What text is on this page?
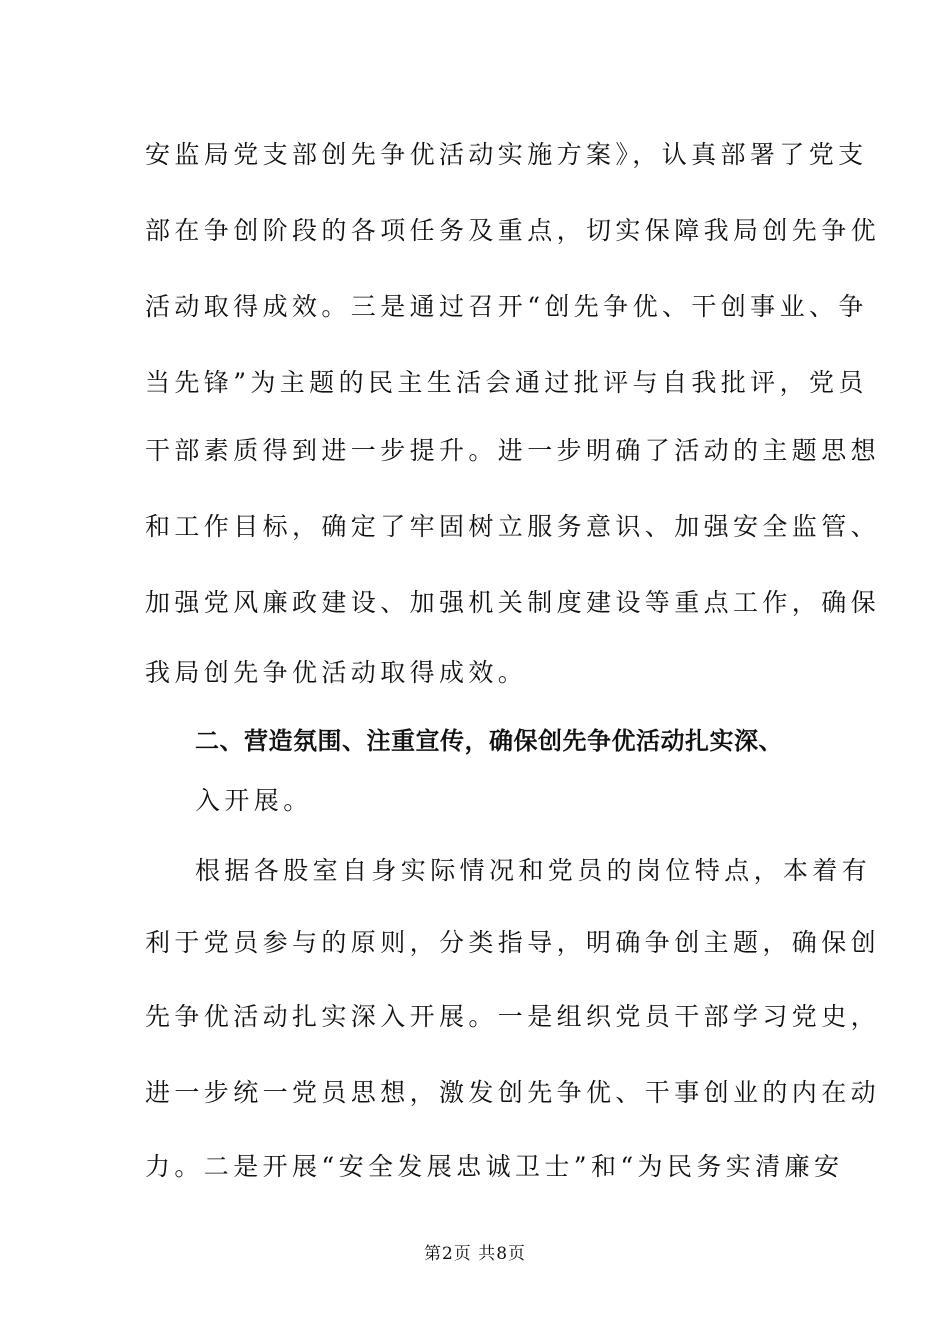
安监局党支部创先争优活动实施方案》，认真部署了党支
部在争创阶段的各项任务及重点，切实保障我局创先争优
活动取得成效。三是通过召开“创先争优、干创事业、争
当先锋”为主题的民主生活会通过批评与自我批评，党员
干部素质得到进一步提升。进一步明确了活动的主题思想
和工作目标，确定了牢固树立服务意识、加强安全监管、
加强党风廉政建设、加强机关制度建设等重点工作，确保
我局创先争优活动取得成效。
二、营造氛围、注重宣传，确保创先争优活动扎实深、
入开展。
根据各股室自身实际情况和党员的岗位特点，本着有
利于党员参与的原则，分类指导，明确争创主题，确保创
先争优活动扎实深入开展。一是组织党员干部学习党史，
进一步统一党员思想，激发创先争优、干事创业的内在动
力。二是开展“安全发展忠诚卫士”和“为民务实清廉安
第2页 共8页
